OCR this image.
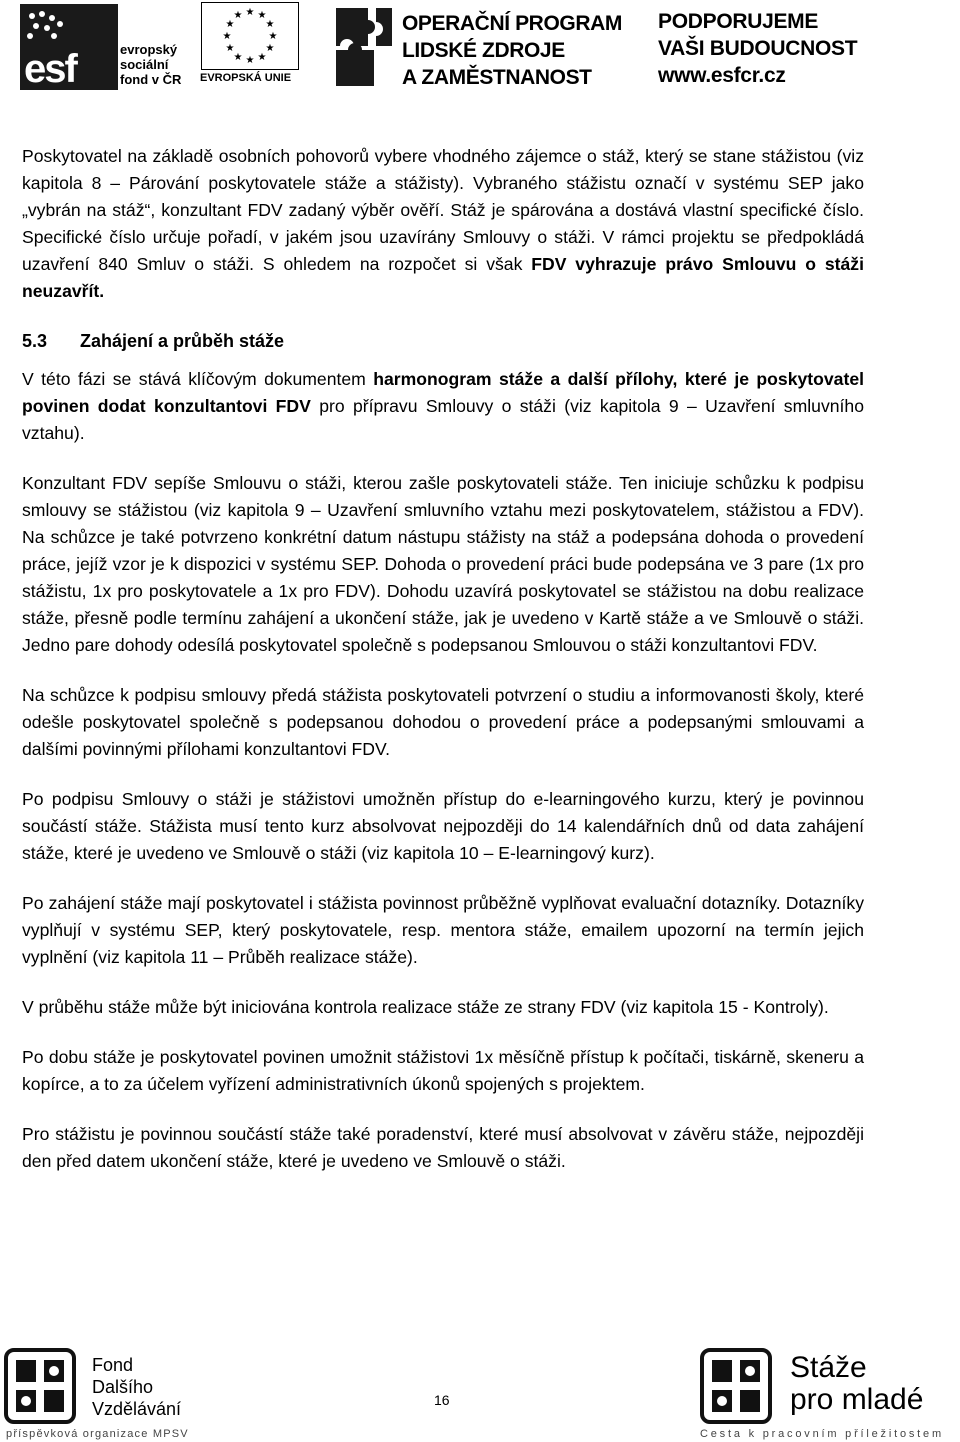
esf	evropský
sociální
fond v ČR
★ ★
★
★
★
★
★
★
★
★
★
★
EVROPSKÁ UNIE
OPERAČNÍ PROGRAM
LIDSKÉ ZDROJE
A ZAMĚSTNANOST
PODPORUJEME
VAŠI BUDOUCNOST
www.esfcr.cz

Poskytovatel na základě osobních pohovorů vybere vhodného zájemce o stáž, který se stane stážistou (viz kapitola 8 – Párování poskytovatele stáže a stážisty). Vybraného stážistu označí v systému SEP jako „vybrán na stáž“, konzultant FDV zadaný výběr ověří. Stáž je spárována a dostává vlastní specifické číslo. Specifické číslo určuje pořadí, v jakém jsou uzavírány Smlouvy o stáži. V rámci projektu se předpokládá uzavření 840 Smluv o stáži. S ohledem na rozpočet si však FDV vyhrazuje právo Smlouvu o stáži neuzavřít.

5.3 Zahájení a průběh stáže

V této fázi se stává klíčovým dokumentem harmonogram stáže a další přílohy, které je poskytovatel povinen dodat konzultantovi FDV pro přípravu Smlouvy o stáži (viz kapitola 9 – Uzavření smluvního vztahu).

Konzultant FDV sepíše Smlouvu o stáži, kterou zašle poskytovateli stáže. Ten iniciuje schůzku k podpisu smlouvy se stážistou (viz kapitola 9 – Uzavření smluvního vztahu mezi poskytovatelem, stážistou a FDV). Na schůzce je také potvrzeno konkrétní datum nástupu stážisty na stáž a podepsána dohoda o provedení práce, jejíž vzor je k dispozici v systému SEP. Dohoda o provedení práci bude podepsána ve 3 pare (1x pro stážistu, 1x pro poskytovatele a 1x pro FDV). Dohodu uzavírá poskytovatel se stážistou na dobu realizace stáže, přesně podle termínu zahájení a ukončení stáže, jak je uvedeno v Kartě stáže a ve Smlouvě o stáži. Jedno pare dohody odesílá poskytovatel společně s podepsanou Smlouvou o stáži konzultantovi FDV.

Na schůzce k podpisu smlouvy předá stážista poskytovateli potvrzení o studiu a informovanosti školy, které odešle poskytovatel společně s podepsanou dohodou o provedení práce a podepsanými smlouvami a dalšími povinnými přílohami konzultantovi FDV.

Po podpisu Smlouvy o stáži je stážistovi umožněn přístup do e-learningového kurzu, který je povinnou součástí stáže. Stážista musí tento kurz absolvovat nejpozději do 14 kalendářních dnů od data zahájení stáže, které je uvedeno ve Smlouvě o stáži (viz kapitola 10 – E-learningový kurz).

Po zahájení stáže mají poskytovatel i stážista povinnost průběžně vyplňovat evaluační dotazníky. Dotazníky vyplňují v systému SEP, který poskytovatele, resp. mentora stáže, emailem upozorní na termín jejich vyplnění (viz kapitola 11 – Průběh realizace stáže).

V průběhu stáže může být iniciována kontrola realizace stáže ze strany FDV (viz kapitola 15 - Kontroly).

Po dobu stáže je poskytovatel povinen umožnit stážistovi 1x měsíčně přístup k počítači, tiskárně, skeneru a kopírce, a to za účelem vyřízení administrativních úkonů spojených s projektem.

Pro stážistu je povinnou součástí stáže také poradenství, které musí absolvovat v závěru stáže, nejpozději den před datem ukončení stáže, které je uvedeno ve Smlouvě o stáži.

Fond
Dalšího
Vzdělávání
příspěvková organizace MPSV
16
Stáže
pro mladé
Cesta k pracovním příležitostem
